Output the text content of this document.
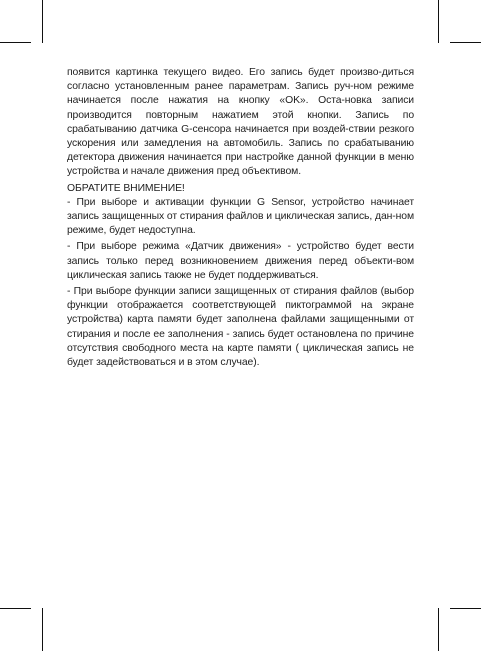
появится картинка текущего видео. Его запись будет произво-диться согласно установленным ранее параметрам. Запись руч-ном режиме начинается после нажатия на кнопку «OK». Оста-новка записи производится повторным нажатием этой кнопки. Запись по срабатыванию датчика G-сенсора начинается при воздей-ствии резкого ускорения или замедления на автомобиль. Запись по срабатыванию детектора движения начинается при настройке данной функции в меню устройства и начале движения пред объективом.

ОБРАТИТЕ ВНИМЕНИЕ!

- При выборе и активации функции G Sensor, устройство начинает запись защищенных от стирания файлов и циклическая запись, дан-ном режиме, будет недоступна.

- При выборе режима «Датчик движения» - устройство будет вести запись только перед возникновением движения перед объекти-вом циклическая запись также не будет поддерживаться.

- При выборе функции записи защищенных от стирания файлов (выбор функции отображается соответствующей пиктограммой на экране устройства) карта памяти будет заполнена файлами защищенными от стирания и после ее заполнения - запись будет остановлена по причине отсутствия свободного места на карте памяти ( циклическая запись не будет задействоваться и в этом случае).
